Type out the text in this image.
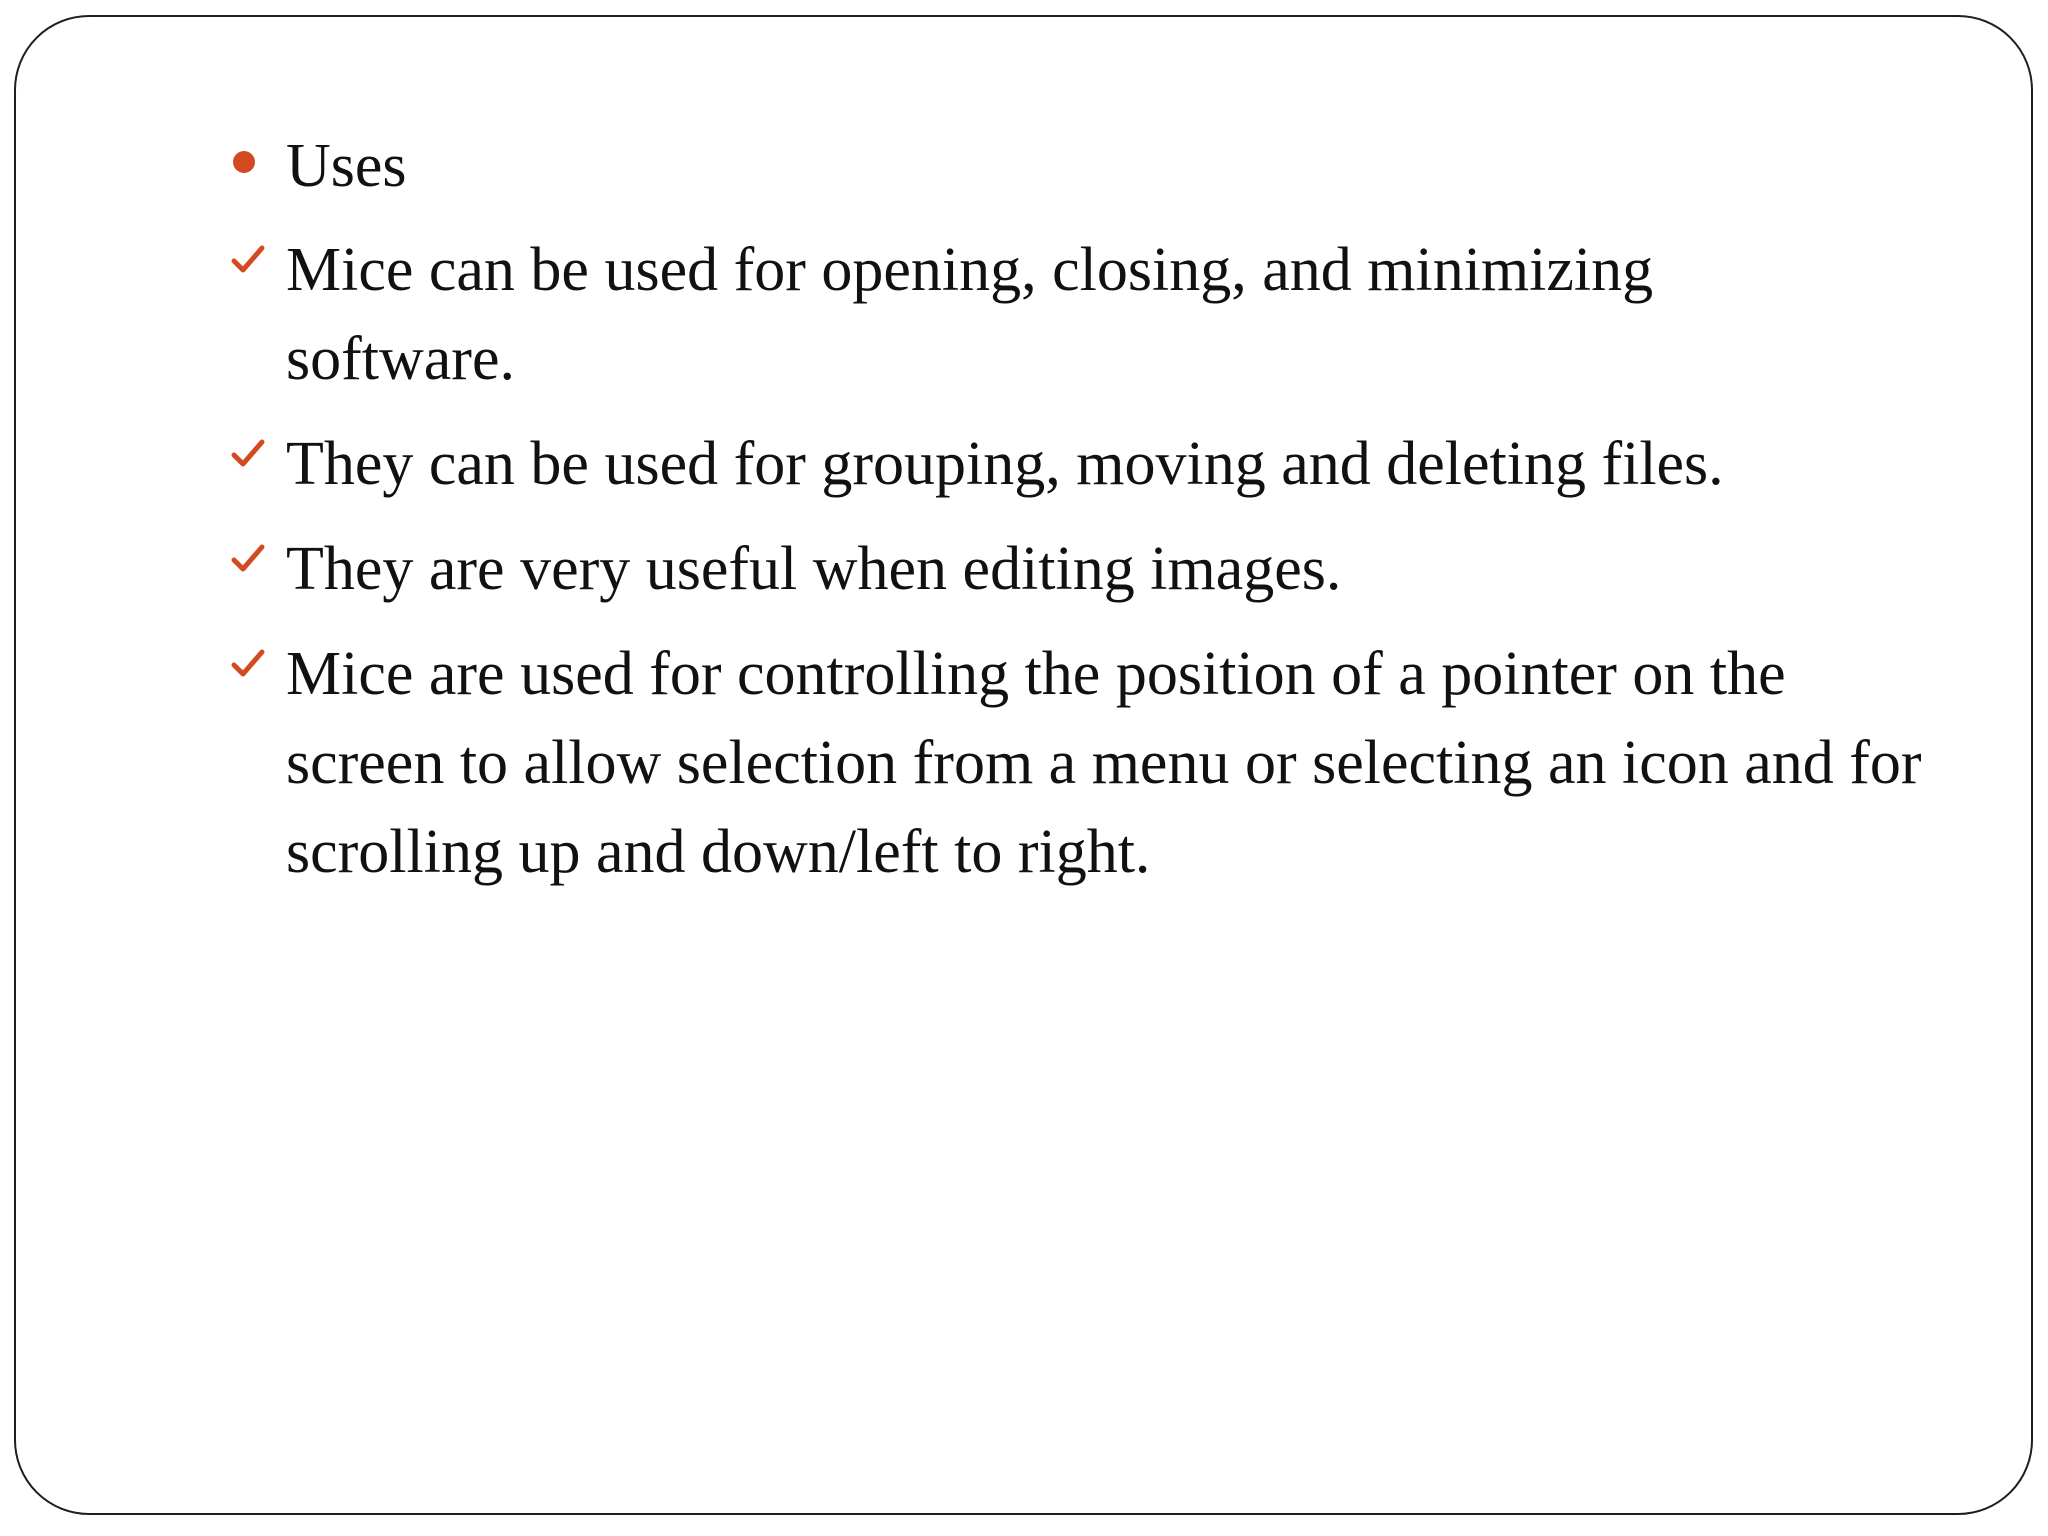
Uses

Mice can be used for opening, closing, and minimizing software.

They can be used for grouping, moving and deleting files.

They are very useful when editing images.

Mice are used for controlling the position of a pointer on the screen to allow selection from a menu or selecting an icon and for scrolling up and down/left to right.
